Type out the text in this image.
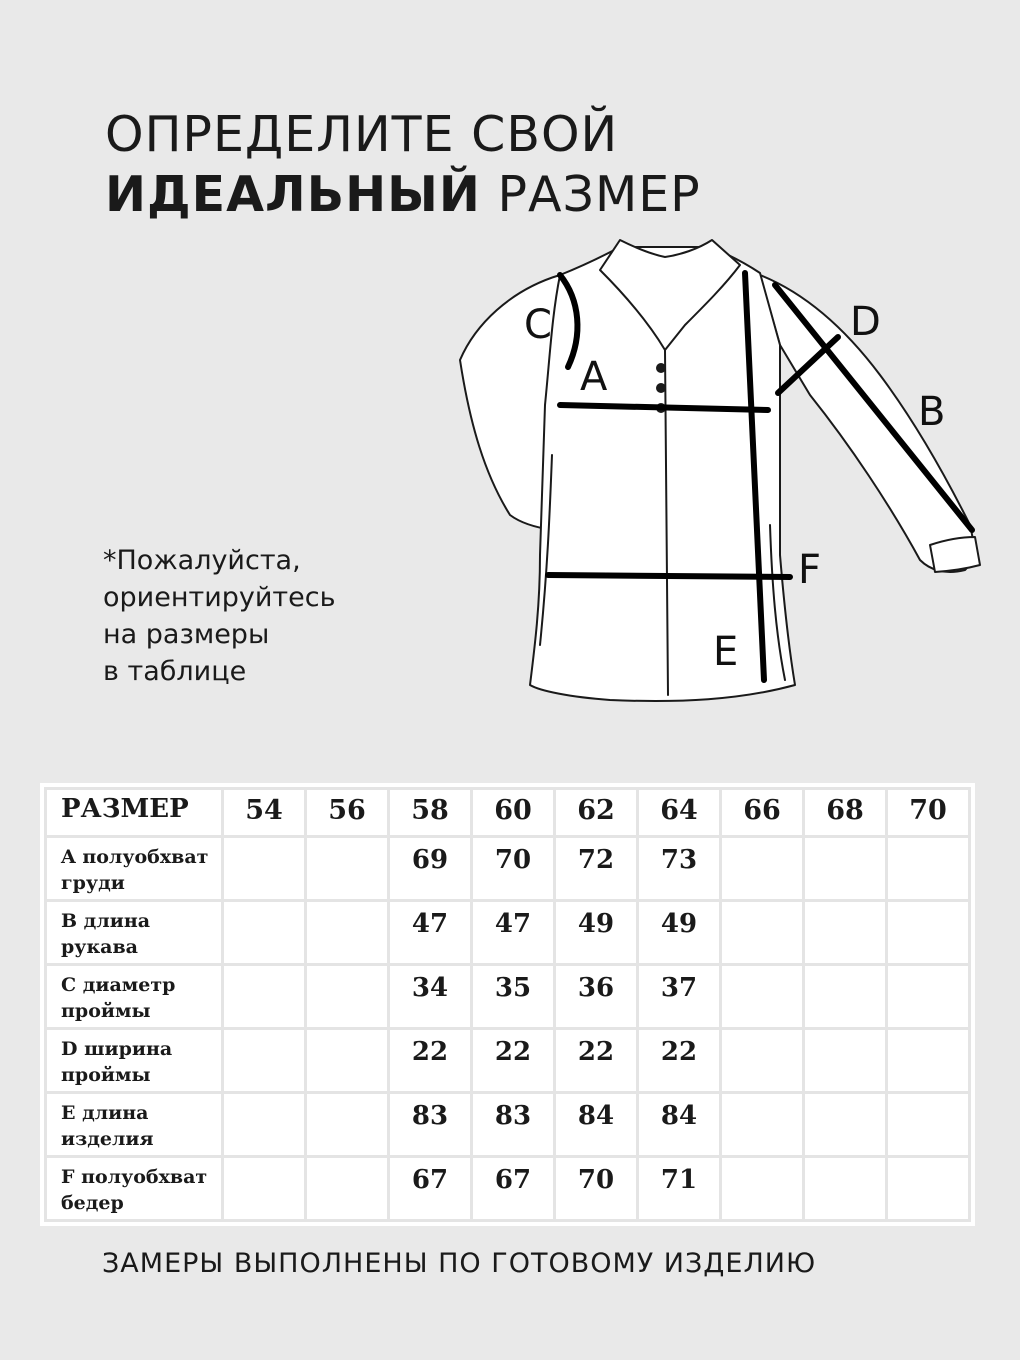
ОПРЕДЕЛИТЕ СВОЙ
ИДЕАЛЬНЫЙ РАЗМЕР
*Пожалуйста,
ориентируйтесь
на размеры
в таблице
C
A
D
B
F
E
РАЗМЕР	54	56	58	60	62	64	66	68	70

A полуобхват
груди			69	70	72	73			

B длина
рукава			47	47	49	49			

C диаметр
проймы			34	35	36	37			

D ширина
проймы			22	22	22	22			

E длина
изделия			83	83	84	84			

F полуобхват
бедер			67	67	70	71			
ЗАМЕРЫ ВЫПОЛНЕНЫ ПО ГОТОВОМУ ИЗДЕЛИЮ
